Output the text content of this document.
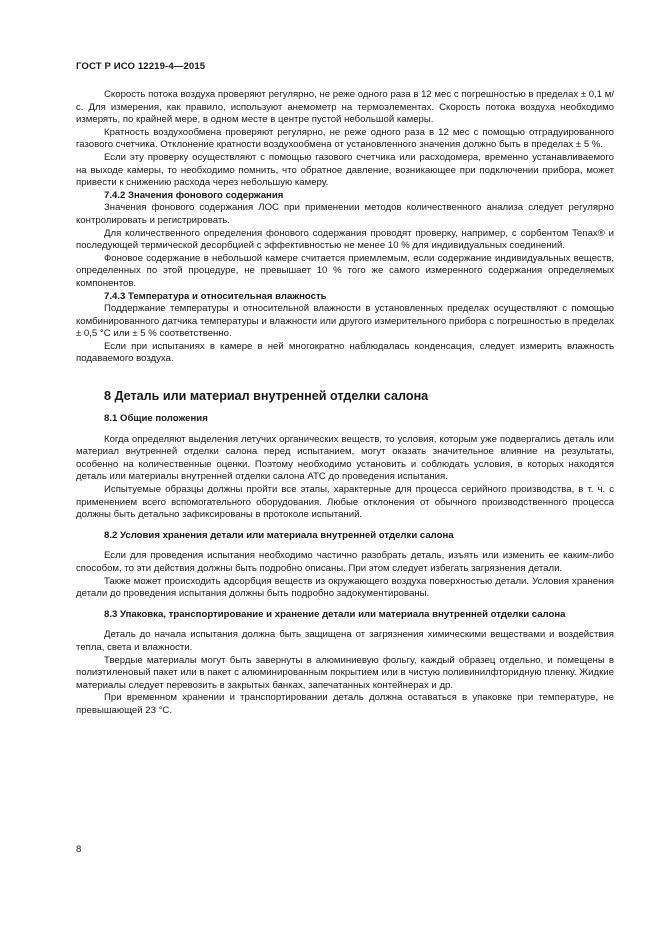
ГОСТ Р ИСО 12219-4—2015

Скорость потока воздуха проверяют регулярно, не реже одного раза в 12 мес с погрешностью в пределах ± 0,1 м/с. Для измерения, как правило, используют анемометр на термоэлементах. Скорость потока воздуха необходимо измерять, по крайней мере, в одном месте в центре пустой небольшой камеры.

Кратность воздухообмена проверяют регулярно, не реже одного раза в 12 мес с помощью отградуированного газового счетчика. Отклонение кратности воздухообмена от установленного значения должно быть в пределах ± 5 %.

Если эту проверку осуществляют с помощью газового счетчика или расходомера, временно устанавливаемого на выходе камеры, то необходимо помнить, что обратное давление, возникающее при подключении прибора, может привести к снижению расхода через небольшую камеру.

7.4.2 Значения фонового содержания

Значения фонового содержания ЛОС при применении методов количественного анализа следует регулярно контролировать и регистрировать.

Для количественного определения фонового содержания проводят проверку, например, с сорбентом Tenax® и последующей термической десорбцией с эффективностью не менее 10 % для индивидуальных соединений.

Фоновое содержание в небольшой камере считается приемлемым, если содержание индивидуальных веществ, определенных по этой процедуре, не превышает 10 % того же самого измеренного содержания определяемых компонентов.

7.4.3 Температура и относительная влажность

Поддержание температуры и относительной влажности в установленных пределах осуществляют с помощью комбинированного датчика температуры и влажности или другого измерительного прибора с погрешностью в пределах ± 0,5 °С или ± 5 % соответственно.

Если при испытаниях в камере в ней многократно наблюдалась конденсация, следует измерить влажность подаваемого воздуха.

8 Деталь или материал внутренней отделки салона
8.1 Общие положения

Когда определяют выделения летучих органических веществ, то условия, которым уже подвергались деталь или материал внутренней отделки салона перед испытанием, могут оказать значительное влияние на результаты, особенно на количественные оценки. Поэтому необходимо установить и соблюдать условия, в которых находятся деталь или материалы внутренней отделки салона АТС до проведения испытания.

Испытуемые образцы должны пройти все этапы, характерные для процесса серийного производства, в т. ч. с применением всего вспомогательного оборудования. Любые отклонения от обычного производственного процесса должны быть детально зафиксированы в протоколе испытаний.

8.2 Условия хранения детали или материала внутренней отделки салона

Если для проведения испытания необходимо частично разобрать деталь, изъять или изменить ее каким-либо способом, то эти действия должны быть подробно описаны. При этом следует избегать загрязнения детали.

Также может происходить адсорбция веществ из окружающего воздуха поверхностью детали. Условия хранения детали до проведения испытания должны быть подробно задокументированы.

8.3 Упаковка, транспортирование и хранение детали или материала внутренней отделки салона

Деталь до начала испытания должна быть защищена от загрязнения химическими веществами и воздействия тепла, света и влажности.

Твердые материалы могут быть завернуты в алюминиевую фольгу, каждый образец отдельно, и помещены в полиэтиленовый пакет или в пакет с алюминированным покрытием или в чистую поливинилфторидную пленку. Жидкие материалы следует перевозить в закрытых банках, запечатанных контейнерах и др.

При временном хранении и транспортировании деталь должна оставаться в упаковке при температуре, не превышающей 23 °С.

8
